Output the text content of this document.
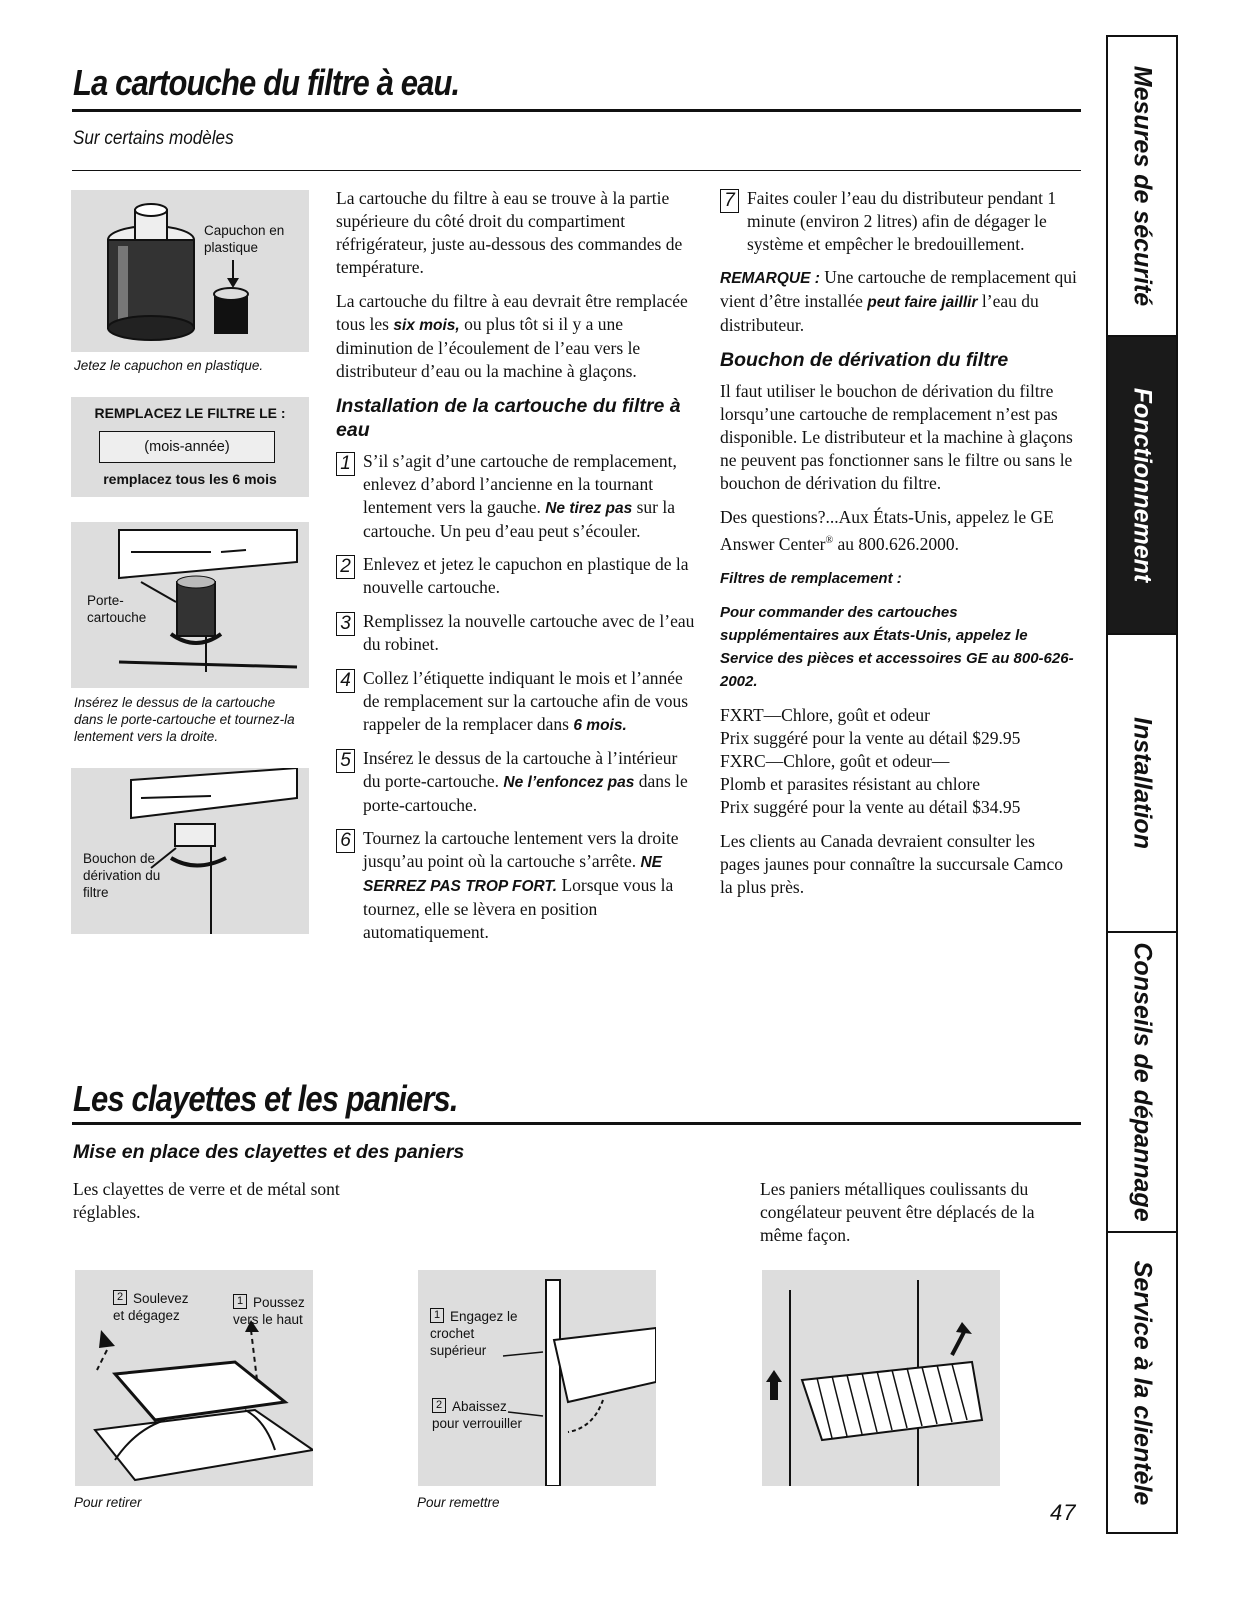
La cartouche du filtre à eau.
Sur certains modèles
Capuchon en plastique
Jetez le capuchon en plastique.
REMPLACEZ LE FILTRE LE :
(mois-année)
remplacez tous les 6 mois
Porte-cartouche
Insérez le dessus de la cartouche dans le porte-cartouche et tournez-la lentement vers la droite.
Bouchon de dérivation du filtre

La cartouche du filtre à eau se trouve à la partie supérieure du côté droit du compartiment réfrigérateur, juste au-dessous des commandes de température.

La cartouche du filtre à eau devrait être remplacée tous les six mois, ou plus tôt si il y a une diminution de l’écoulement de l’eau vers le distributeur d’eau ou la machine à glaçons.

Installation de la cartouche du filtre à eau
1 S’il s’agit d’une cartouche de remplacement, enlevez d’abord l’ancienne en la tournant lentement vers la gauche. Ne tirez pas sur la cartouche. Un peu d’eau peut s’écouler.
2 Enlevez et jetez le capuchon en plastique de la nouvelle cartouche.
3 Remplissez la nouvelle cartouche avec de l’eau du robinet.
4 Collez l’étiquette indiquant le mois et l’année de remplacement sur la cartouche afin de vous rappeler de la remplacer dans 6 mois.
5 Insérez le dessus de la cartouche à l’intérieur du porte-cartouche. Ne l’enfoncez pas dans le porte-cartouche.
6 Tournez la cartouche lentement vers la droite jusqu’au point où la cartouche s’arrête. NE SERREZ PAS TROP FORT. Lorsque vous la tournez, elle se lèvera en position automatiquement.
7 Faites couler l’eau du distributeur pendant 1 minute (environ 2 litres) afin de dégager le système et empêcher le bredouillement.

REMARQUE : Une cartouche de remplacement qui vient d’être installée peut faire jaillir l’eau du distributeur.

Bouchon de dérivation du filtre

Il faut utiliser le bouchon de dérivation du filtre lorsqu’une cartouche de remplacement n’est pas disponible. Le distributeur et la machine à glaçons ne peuvent pas fonctionner sans le filtre ou sans le bouchon de dérivation du filtre.

Des questions?...Aux États-Unis, appelez le GE Answer Center® au 800.626.2000.

Filtres de remplacement :

Pour commander des cartouches supplémentaires aux États-Unis, appelez le Service des pièces et accessoires GE au 800-626-2002.

FXRT—Chlore, goût et odeur
Prix suggéré pour la vente au détail $29.95
FXRC—Chlore, goût et odeur—
Plomb et parasites résistant au chlore
Prix suggéré pour la vente au détail $34.95

Les clients au Canada devraient consulter les pages jaunes pour connaître la succursale Camco la plus près.

Les clayettes et les paniers.
Mise en place des clayettes et des paniers
Les clayettes de verre et de métal sont réglables.
Les paniers métalliques coulissants du congélateur peuvent être déplacés de la même façon.
2 Soulevez et dégagez
1 Poussez vers le haut
Pour retirer
1 Engagez le crochet supérieur
2 Abaissez pour verrouiller
Pour remettre	47
Mesures de sécurité
Fonctionnement
Installation
Conseils de dépannage
Service à la clientèle
